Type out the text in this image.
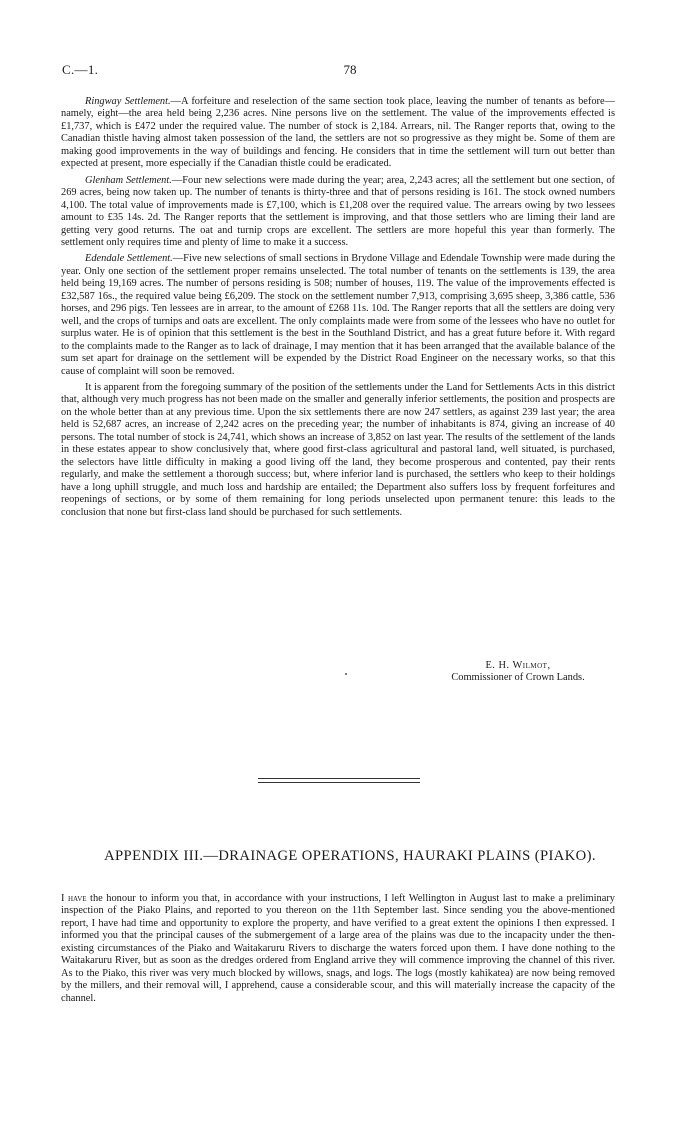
C.—1.	78

Ringway Settlement.—A forfeiture and reselection of the same section took place, leaving the number of tenants as before—namely, eight—the area held being 2,236 acres. Nine persons live on the settlement. The value of the improvements effected is £1,737, which is £472 under the required value. The number of stock is 2,184. Arrears, nil. The Ranger reports that, owing to the Canadian thistle having almost taken possession of the land, the settlers are not so progressive as they might be. Some of them are making good improvements in the way of buildings and fencing. He considers that in time the settlement will turn out better than expected at present, more especially if the Canadian thistle could be eradicated.

Glenham Settlement.—Four new selections were made during the year; area, 2,243 acres; all the settlement but one section, of 269 acres, being now taken up. The number of tenants is thirty-three and that of persons residing is 161. The stock owned numbers 4,100. The total value of improvements made is £7,100, which is £1,208 over the required value. The arrears owing by two lessees amount to £35 14s. 2d. The Ranger reports that the settlement is improving, and that those settlers who are liming their land are getting very good returns. The oat and turnip crops are excellent. The settlers are more hopeful this year than formerly. The settlement only requires time and plenty of lime to make it a success.

Edendale Settlement.—Five new selections of small sections in Brydone Village and Edendale Township were made during the year. Only one section of the settlement proper remains unselected. The total number of tenants on the settlements is 139, the area held being 19,169 acres. The number of persons residing is 508; number of houses, 119. The value of the improvements effected is £32,587 16s., the required value being £6,209. The stock on the settlement number 7,913, comprising 3,695 sheep, 3,386 cattle, 536 horses, and 296 pigs. Ten lessees are in arrear, to the amount of £268 11s. 10d. The Ranger reports that all the settlers are doing very well, and the crops of turnips and oats are excellent. The only complaints made were from some of the lessees who have no outlet for surplus water. He is of opinion that this settlement is the best in the Southland District, and has a great future before it. With regard to the complaints made to the Ranger as to lack of drainage, I may mention that it has been arranged that the available balance of the sum set apart for drainage on the settlement will be expended by the District Road Engineer on the necessary works, so that this cause of complaint will soon be removed.

It is apparent from the foregoing summary of the position of the settlements under the Land for Settlements Acts in this district that, although very much progress has not been made on the smaller and generally inferior settlements, the position and prospects are on the whole better than at any previous time. Upon the six settlements there are now 247 settlers, as against 239 last year; the area held is 52,687 acres, an increase of 2,242 acres on the preceding year; the number of inhabitants is 874, giving an increase of 40 persons. The total number of stock is 24,741, which shows an increase of 3,852 on last year. The results of the settlement of the lands in these estates appear to show conclusively that, where good first-class agricultural and pastoral land, well situated, is purchased, the selectors have little difficulty in making a good living off the land, they become prosperous and contented, pay their rents regularly, and make the settlement a thorough success; but, where inferior land is purchased, the settlers who keep to their holdings have a long uphill struggle, and much loss and hardship are entailed; the Department also suffers loss by frequent forfeitures and reopenings of sections, or by some of them remaining for long periods unselected upon permanent tenure: this leads to the conclusion that none but first-class land should be purchased for such settlements.

E. H. Wilmot,
Commissioner of Crown Lands.
APPENDIX III.—DRAINAGE OPERATIONS, HAURAKI PLAINS (PIAKO).

I have the honour to inform you that, in accordance with your instructions, I left Wellington in August last to make a preliminary inspection of the Piako Plains, and reported to you thereon on the 11th September last. Since sending you the above-mentioned report, I have had time and opportunity to explore the property, and have verified to a great extent the opinions I then expressed. I informed you that the principal causes of the submergement of a large area of the plains was due to the incapacity under the then-existing circumstances of the Piako and Waitakaruru Rivers to discharge the waters forced upon them. I have done nothing to the Waitakaruru River, but as soon as the dredges ordered from England arrive they will commence improving the channel of this river. As to the Piako, this river was very much blocked by willows, snags, and logs. The logs (mostly kahikatea) are now being removed by the millers, and their removal will, I apprehend, cause a considerable scour, and this will materially increase the capacity of the channel.
